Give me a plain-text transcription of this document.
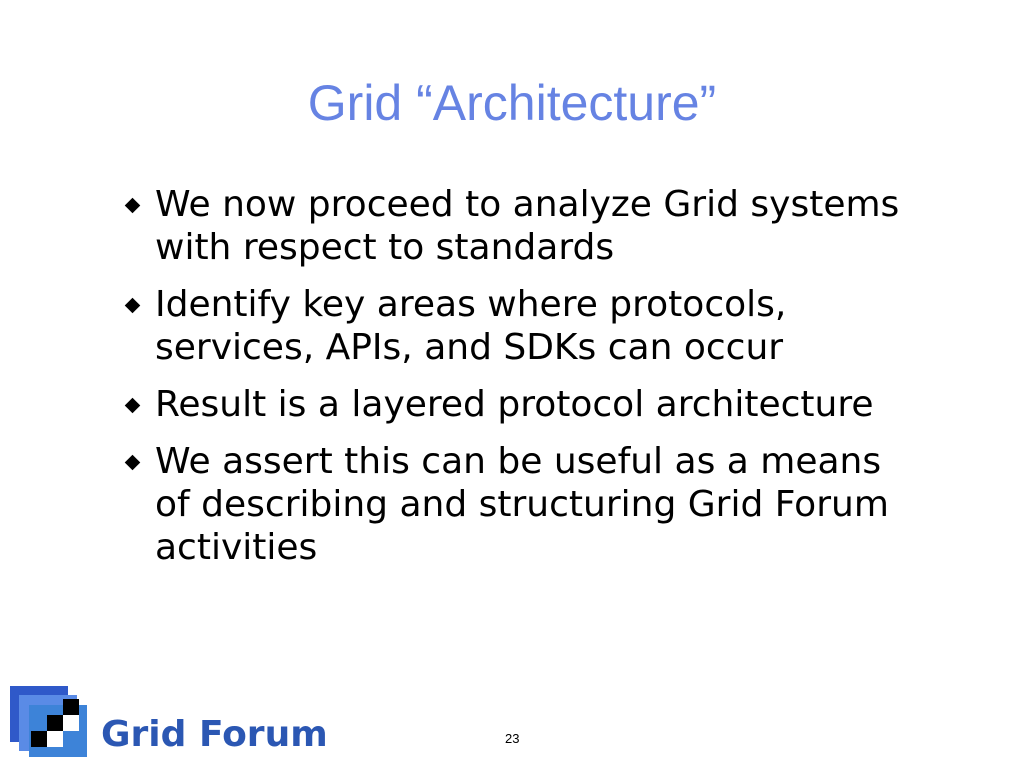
Grid “Architecture”
We now proceed to analyze Grid systems with respect to standards
Identify key areas where protocols, services, APIs, and SDKs can occur
Result is a layered protocol architecture
We assert this can be useful as a means of describing and structuring Grid Forum activities
Grid Forum	23
